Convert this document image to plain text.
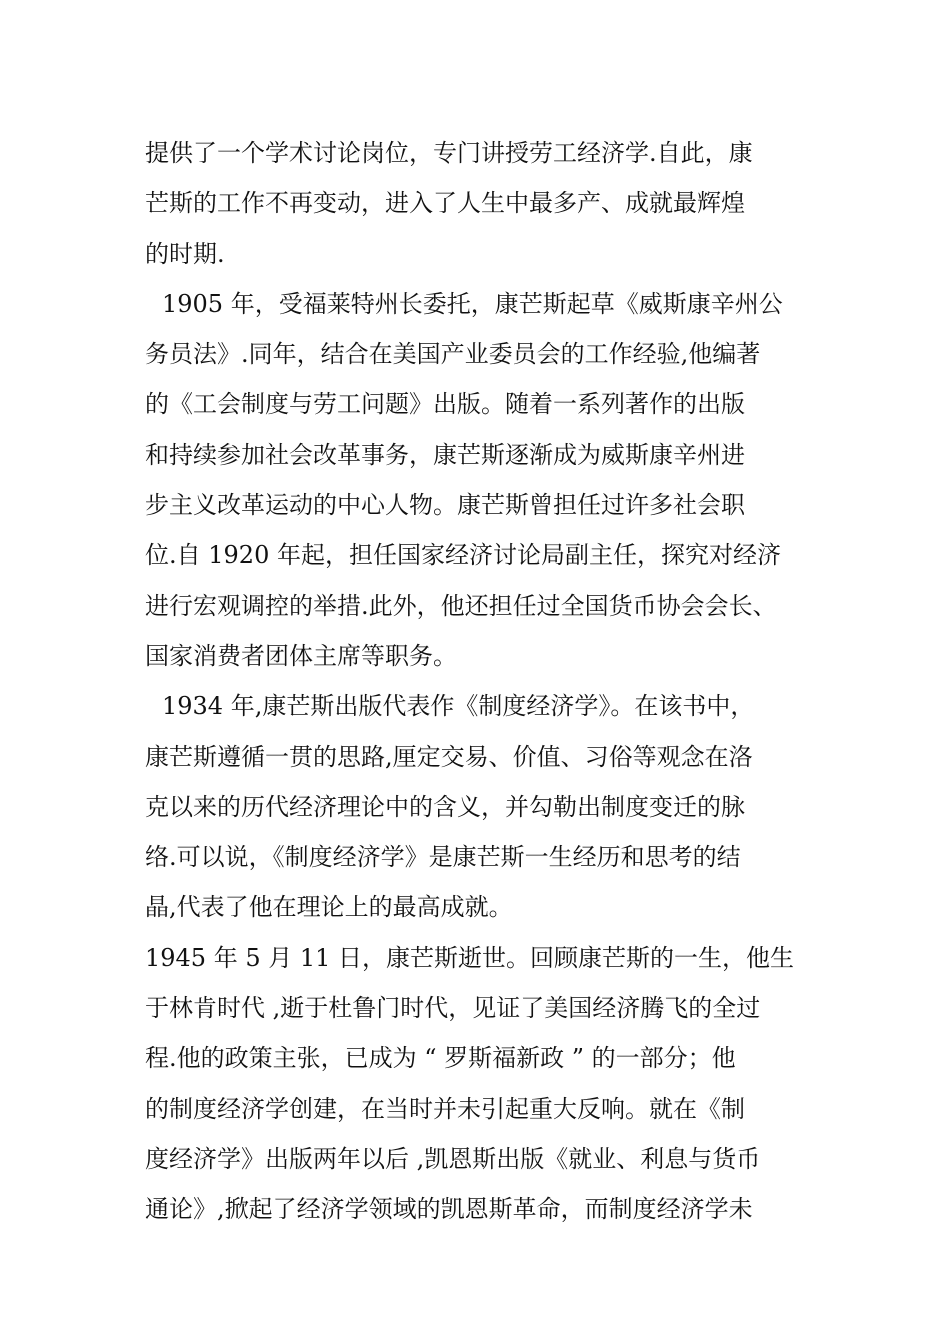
提供了一个学术讨论岗位，专门讲授劳工经济学.自此，康
芒斯的工作不再变动，进入了人生中最多产、成就最辉煌
的时期.
1905 年，受福莱特州长委托，康芒斯起草《威斯康辛州公
务员法》.同年，结合在美国产业委员会的工作经验,他编著
的《工会制度与劳工问题》出版。随着一系列著作的出版
和持续参加社会改革事务，康芒斯逐渐成为威斯康辛州进
步主义改革运动的中心人物。康芒斯曾担任过许多社会职
位.自 1920 年起，担任国家经济讨论局副主任，探究对经济
进行宏观调控的举措.此外，他还担任过全国货币协会会长、
国家消费者团体主席等职务。
1934 年,康芒斯出版代表作《制度经济学》。在该书中，
康芒斯遵循一贯的思路,厘定交易、价值、习俗等观念在洛
克以来的历代经济理论中的含义，并勾勒出制度变迁的脉
络.可以说，《制度经济学》是康芒斯一生经历和思考的结
晶,代表了他在理论上的最高成就。
1945 年 5 月 11 日，康芒斯逝世。回顾康芒斯的一生，他生
于林肯时代 ,逝于杜鲁门时代，见证了美国经济腾飞的全过
程.他的政策主张，已成为 “ 罗斯福新政 ” 的一部分；他
的制度经济学创建，在当时并未引起重大反响。就在《制
度经济学》出版两年以后 ,凯恩斯出版《就业、利息与货币
通论》,掀起了经济学领域的凯恩斯革命，而制度经济学未
